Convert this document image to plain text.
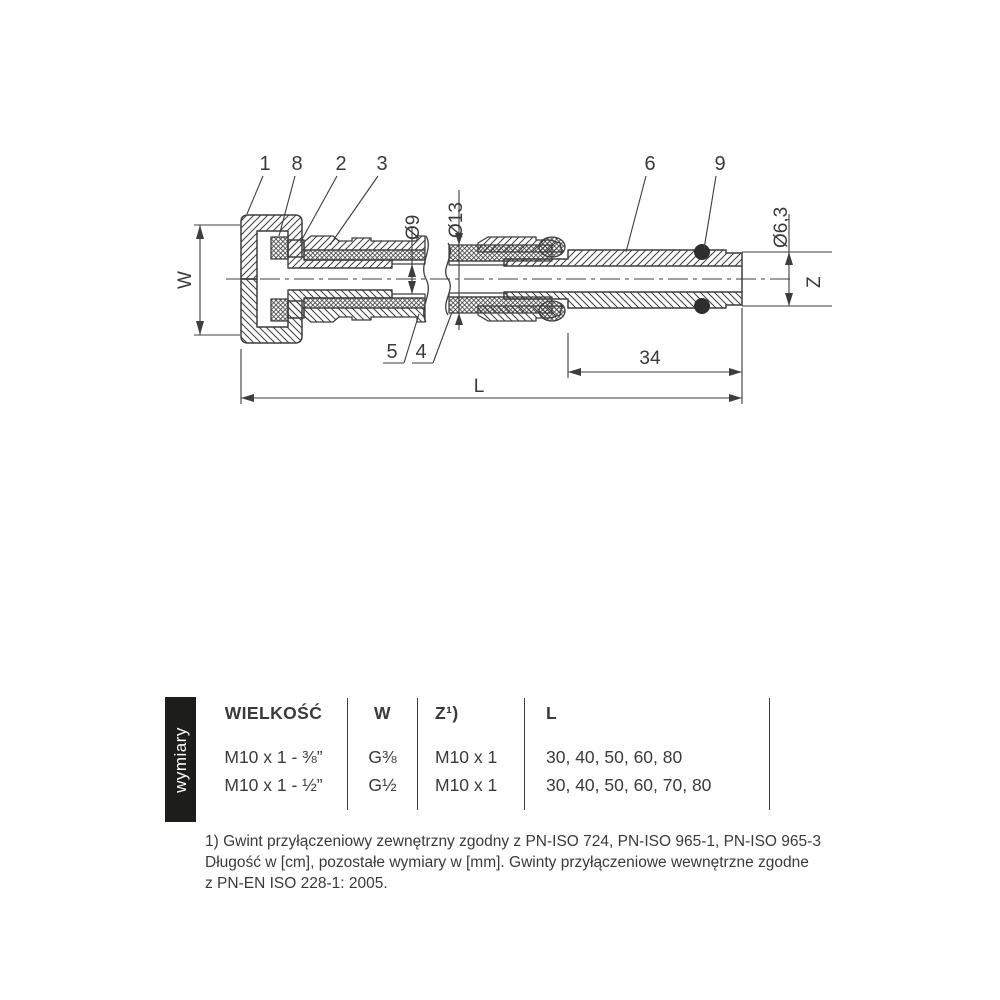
1 8 2 3	6	9
5 4
W
Ø9 Ø13	Ø6,3
Z
34
L
wymiary
WIELKOŚĆ	W	Z¹)	L
M10 x 1 - ⅜”	G⅜	M10 x 1	30, 40, 50, 60, 80
M10 x 1 - ½”	G½	M10 x 1	30, 40, 50, 60, 70, 80
1) Gwint przyłączeniowy zewnętrzny zgodny z PN-ISO 724, PN-ISO 965-1, PN-ISO 965-3
Długość w [cm], pozostałe wymiary w [mm]. Gwinty przyłączeniowe wewnętrzne zgodne
z PN-EN ISO 228-1: 2005.
